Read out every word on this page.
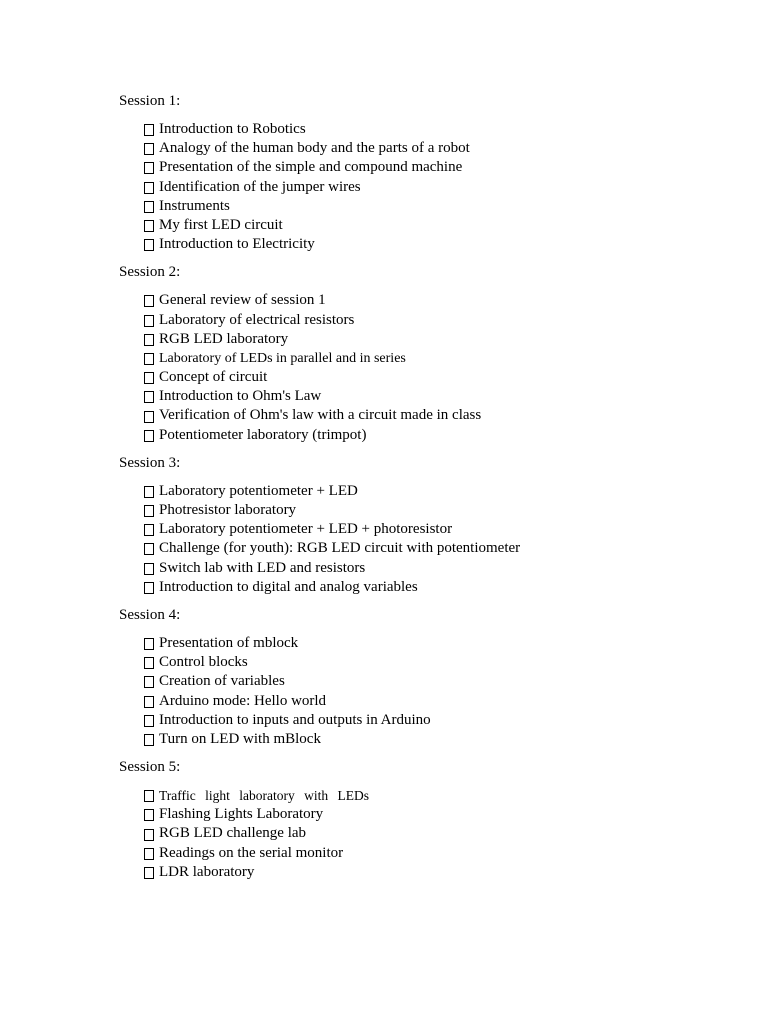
Session 1:
Introduction to Robotics
Analogy of the human body and the parts of a robot
Presentation of the simple and compound machine
Identification of the jumper wires
Instruments
My first LED circuit
Introduction to Electricity
Session 2:
General review of session 1
Laboratory of electrical resistors
RGB LED laboratory
Laboratory of LEDs in parallel and in series
Concept of circuit
Introduction to Ohm's Law
Verification of Ohm's law with a circuit made in class
Potentiometer laboratory (trimpot)
Session 3:
Laboratory potentiometer + LED
Photresistor laboratory
Laboratory potentiometer + LED + photoresistor
Challenge (for youth): RGB LED circuit with potentiometer
Switch lab with LED and resistors
Introduction to digital and analog variables
Session 4:
Presentation of mblock
Control blocks
Creation of variables
Arduino mode: Hello world
Introduction to inputs and outputs in Arduino
Turn on LED with mBlock
Session 5:
Traffic light laboratory with LEDs
Flashing Lights Laboratory
RGB LED challenge lab
Readings on the serial monitor
LDR laboratory
